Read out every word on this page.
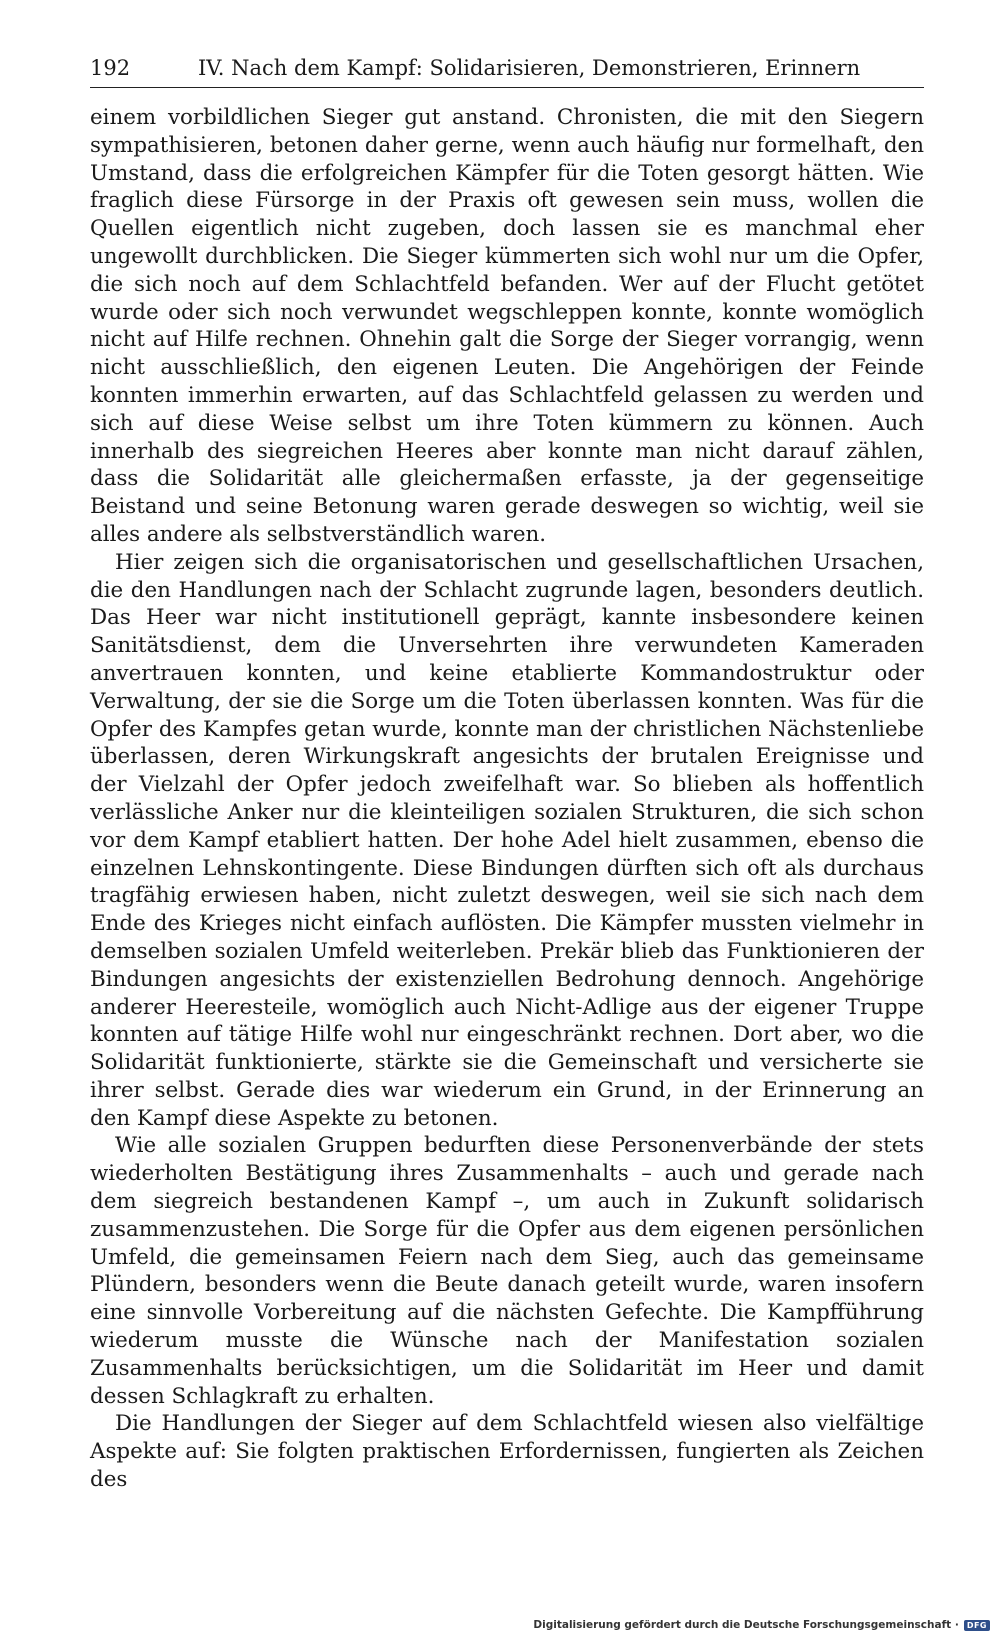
192	IV. Nach dem Kampf: Solidarisieren, Demonstrieren, Erinnern

einem vorbildlichen Sieger gut anstand. Chronisten, die mit den Siegern sympathisieren, betonen daher gerne, wenn auch häufig nur formelhaft, den Umstand, dass die erfolgreichen Kämpfer für die Toten gesorgt hätten. Wie fraglich diese Fürsorge in der Praxis oft gewesen sein muss, wollen die Quellen eigentlich nicht zugeben, doch lassen sie es manchmal eher ungewollt durchblicken. Die Sieger kümmerten sich wohl nur um die Opfer, die sich noch auf dem Schlachtfeld befanden. Wer auf der Flucht getötet wurde oder sich noch verwundet wegschleppen konnte, konnte womöglich nicht auf Hilfe rechnen. Ohnehin galt die Sorge der Sieger vorrangig, wenn nicht ausschließlich, den eigenen Leuten. Die Angehörigen der Feinde konnten immerhin erwarten, auf das Schlachtfeld gelassen zu werden und sich auf diese Weise selbst um ihre Toten kümmern zu können. Auch innerhalb des siegreichen Heeres aber konnte man nicht darauf zählen, dass die Solidarität alle gleichermaßen erfasste, ja der gegenseitige Beistand und seine Betonung waren gerade deswegen so wichtig, weil sie alles andere als selbstverständlich waren.

Hier zeigen sich die organisatorischen und gesellschaftlichen Ursachen, die den Handlungen nach der Schlacht zugrunde lagen, besonders deutlich. Das Heer war nicht institutionell geprägt, kannte insbesondere keinen Sanitätsdienst, dem die Unversehrten ihre verwundeten Kameraden anvertrauen konnten, und keine etablierte Kommandostruktur oder Verwaltung, der sie die Sorge um die Toten überlassen konnten. Was für die Opfer des Kampfes getan wurde, konnte man der christlichen Nächstenliebe überlassen, deren Wirkungskraft angesichts der brutalen Ereignisse und der Vielzahl der Opfer jedoch zweifelhaft war. So blieben als hoffentlich verlässliche Anker nur die kleinteiligen sozialen Strukturen, die sich schon vor dem Kampf etabliert hatten. Der hohe Adel hielt zusammen, ebenso die einzelnen Lehnskontingente. Diese Bindungen dürften sich oft als durchaus tragfähig erwiesen haben, nicht zuletzt deswegen, weil sie sich nach dem Ende des Krieges nicht einfach auflösten. Die Kämpfer mussten vielmehr in demselben sozialen Umfeld weiterleben. Prekär blieb das Funktionieren der Bindungen angesichts der existenziellen Bedrohung dennoch. Angehörige anderer Heeresteile, womöglich auch Nicht-Adlige aus der eigener Truppe konnten auf tätige Hilfe wohl nur eingeschränkt rechnen. Dort aber, wo die Solidarität funktionierte, stärkte sie die Gemeinschaft und versicherte sie ihrer selbst. Gerade dies war wiederum ein Grund, in der Erinnerung an den Kampf diese Aspekte zu betonen.

Wie alle sozialen Gruppen bedurften diese Personenverbände der stets wiederholten Bestätigung ihres Zusammenhalts – auch und gerade nach dem siegreich bestandenen Kampf –, um auch in Zukunft solidarisch zusammenzustehen. Die Sorge für die Opfer aus dem eigenen persönlichen Umfeld, die gemeinsamen Feiern nach dem Sieg, auch das gemeinsame Plündern, besonders wenn die Beute danach geteilt wurde, waren insofern eine sinnvolle Vorbereitung auf die nächsten Gefechte. Die Kampfführung wiederum musste die Wünsche nach der Manifestation sozialen Zusammenhalts berücksichtigen, um die Solidarität im Heer und damit dessen Schlagkraft zu erhalten.

Die Handlungen der Sieger auf dem Schlachtfeld wiesen also vielfältige Aspekte auf: Sie folgten praktischen Erfordernissen, fungierten als Zeichen des

Digitalisierung gefördert durch die Deutsche Forschungsgemeinschaft ·	DFG
